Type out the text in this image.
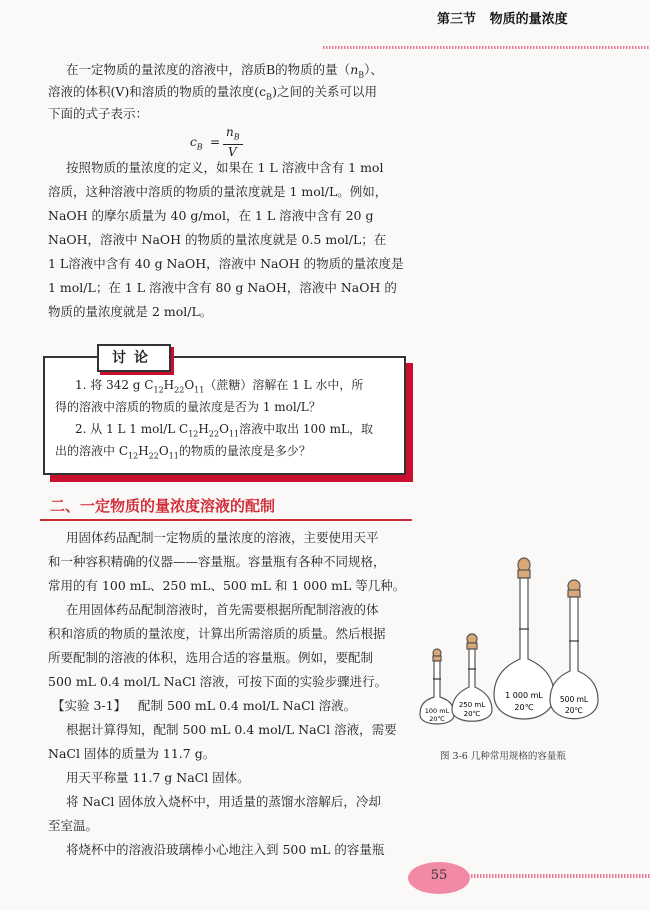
第三节 物质的量浓度
在一定物质的量浓度的溶液中，溶质B的物质的量$(n_B)$、
溶液的体积(V)和溶质的物质的量浓度$(c_B)$之间的关系可以用
下面的式子表示：
$c_B$ =
$n_B$
V
按照物质的量浓度的定义，如果在 1 L 溶液中含有 1 mol
溶质，这种溶液中溶质的物质的量浓度就是 1 mol/L。例如，
NaOH 的摩尔质量为 40 g/mol，在 1 L 溶液中含有 20 g
NaOH，溶液中 NaOH 的物质的量浓度就是 0.5 mol/L；在
1 L溶液中含有 40 g NaOH，溶液中 NaOH 的物质的量浓度是
1 mol/L；在 1 L 溶液中含有 80 g NaOH，溶液中 NaOH 的
物质的量浓度就是 2 mol/L。
讨论
1. 将 342 g $C_{12}H_{22}O_{11}$（蔗糖）溶解在 1 L 水中，所
得的溶液中溶质的物质的量浓度是否为 1 mol/L？
2. 从 1 L 1 mol/L $C_{12}H_{22}O_{11}$溶液中取出 100 mL，取
出的溶液中 $C_{12}H_{22}O_{11}$的物质的量浓度是多少？
二、一定物质的量浓度溶液的配制
用固体药品配制一定物质的量浓度的溶液，主要使用天平
和一种容积精确的仪器——容量瓶。容量瓶有各种不同规格，
常用的有 100 mL、250 mL、500 mL 和 1 000 mL 等几种。
在用固体药品配制溶液时，首先需要根据所配制溶液的体
积和溶质的物质的量浓度，计算出所需溶质的质量。然后根据
所要配制的溶液的体积，选用合适的容量瓶。例如，要配制
500 mL 0.4 mol/L NaCl 溶液，可按下面的实验步骤进行。
【实验 3-1】 配制 500 mL 0.4 mol/L NaCl 溶液。
根据计算得知，配制 500 mL 0.4 mol/L NaCl 溶液，需要
NaCl 固体的质量为 11.7 g。
用天平称量 11.7 g NaCl 固体。
将 NaCl 固体放入烧杯中，用适量的蒸馏水溶解后，冷却
至室温。
将烧杯中的溶液沿玻璃棒小心地注入到 500 mL 的容量瓶
100 mL
20℃
250 mL
20℃
1 000 mL
20℃
500 mL
20℃
图 3-6 几种常用规格的容量瓶
55
